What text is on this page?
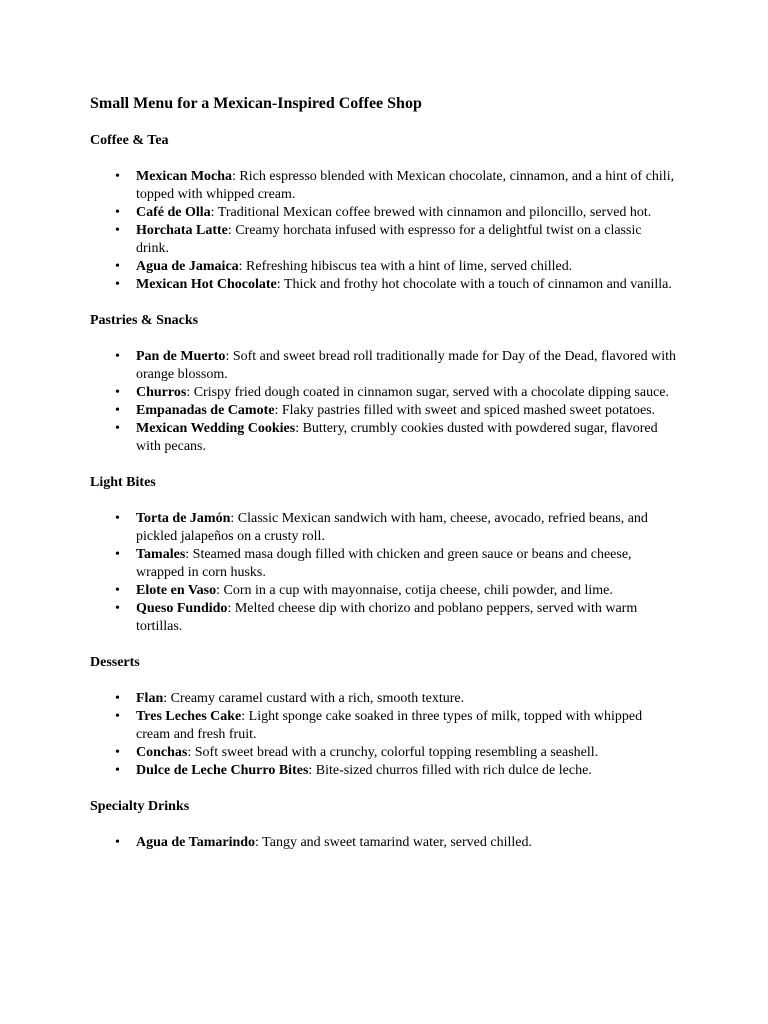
Small Menu for a Mexican-Inspired Coffee Shop
Coffee & Tea
• Mexican Mocha: Rich espresso blended with Mexican chocolate, cinnamon, and a hint of chili, topped with whipped cream.
• Café de Olla: Traditional Mexican coffee brewed with cinnamon and piloncillo, served hot.
• Horchata Latte: Creamy horchata infused with espresso for a delightful twist on a classic drink.
• Agua de Jamaica: Refreshing hibiscus tea with a hint of lime, served chilled.
• Mexican Hot Chocolate: Thick and frothy hot chocolate with a touch of cinnamon and vanilla.
Pastries & Snacks
• Pan de Muerto: Soft and sweet bread roll traditionally made for Day of the Dead, flavored with orange blossom.
• Churros: Crispy fried dough coated in cinnamon sugar, served with a chocolate dipping sauce.
• Empanadas de Camote: Flaky pastries filled with sweet and spiced mashed sweet potatoes.
• Mexican Wedding Cookies: Buttery, crumbly cookies dusted with powdered sugar, flavored with pecans.
Light Bites
• Torta de Jamón: Classic Mexican sandwich with ham, cheese, avocado, refried beans, and pickled jalapeños on a crusty roll.
• Tamales: Steamed masa dough filled with chicken and green sauce or beans and cheese, wrapped in corn husks.
• Elote en Vaso: Corn in a cup with mayonnaise, cotija cheese, chili powder, and lime.
• Queso Fundido: Melted cheese dip with chorizo and poblano peppers, served with warm tortillas.
Desserts
• Flan: Creamy caramel custard with a rich, smooth texture.
• Tres Leches Cake: Light sponge cake soaked in three types of milk, topped with whipped cream and fresh fruit.
• Conchas: Soft sweet bread with a crunchy, colorful topping resembling a seashell.
• Dulce de Leche Churro Bites: Bite-sized churros filled with rich dulce de leche.
Specialty Drinks
• Agua de Tamarindo: Tangy and sweet tamarind water, served chilled.
